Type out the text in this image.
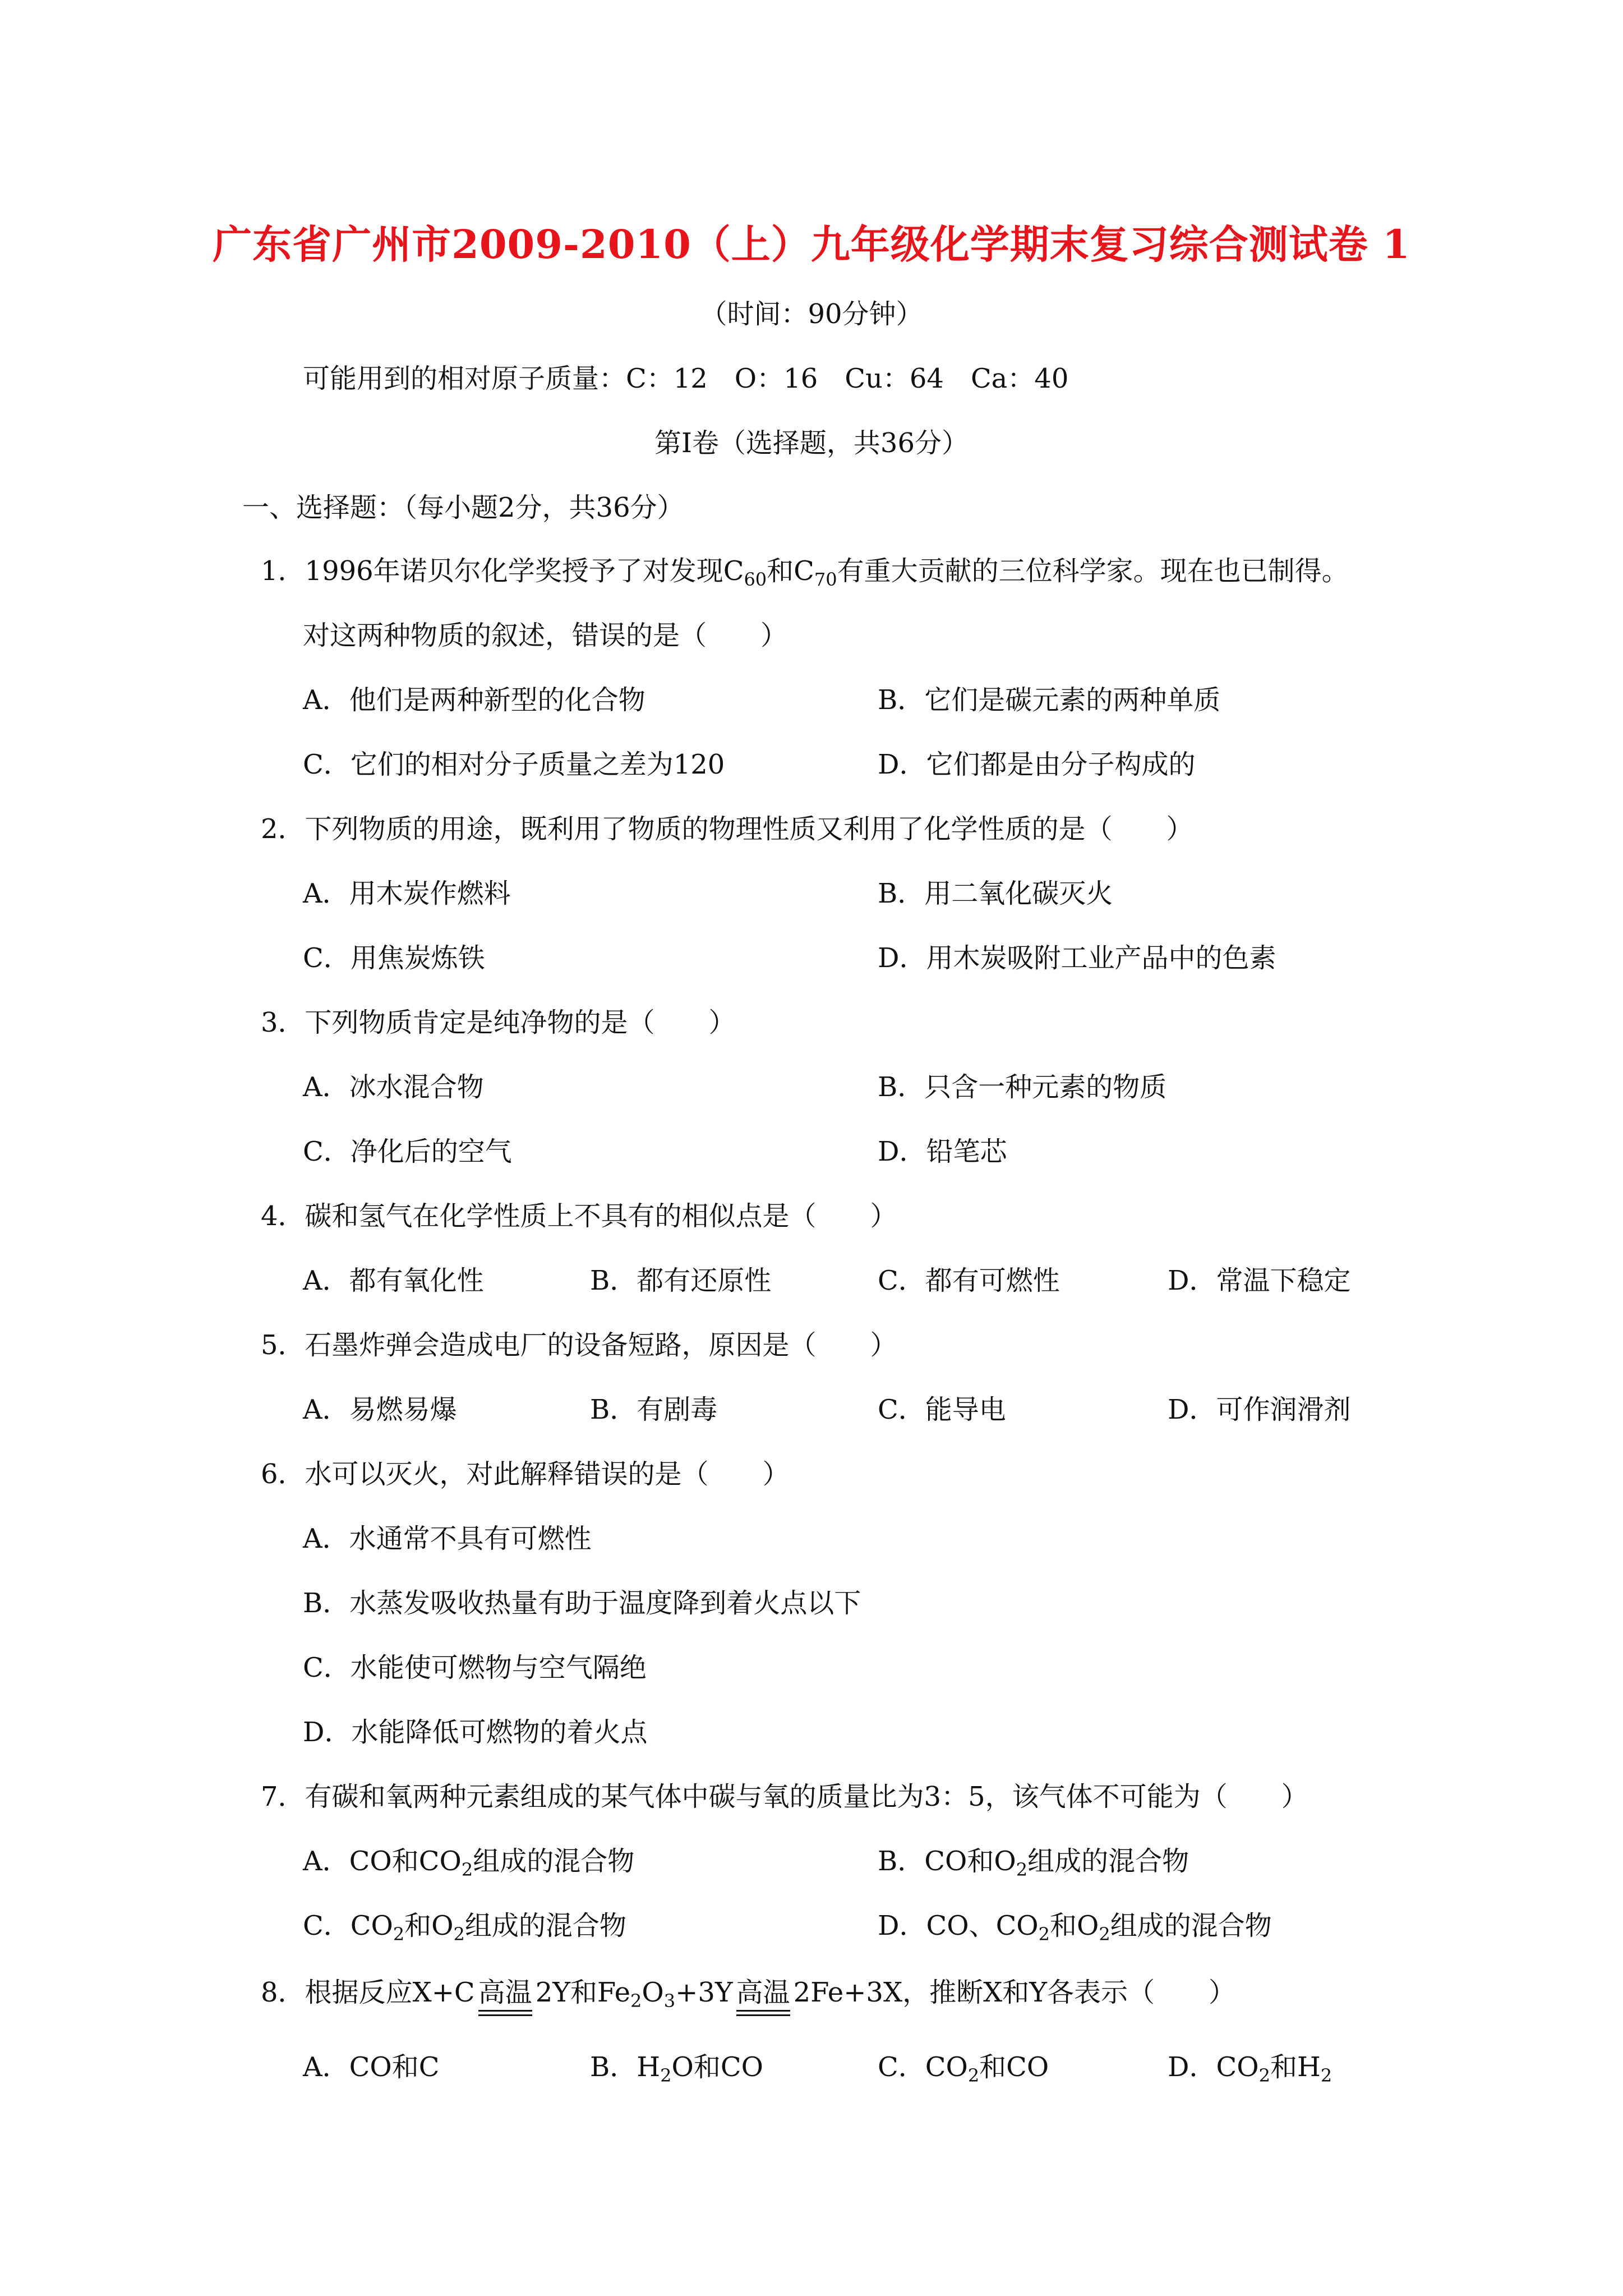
广东省广州市2009-2010（上）九年级化学期末复习综合测试卷 1
（时间：90分钟）
可能用到的相对原子质量：C：12　O：16　Cu：64　Ca：40
第Ⅰ卷（选择题，共36分）
一、选择题：（每小题2分，共36分）
1．1996年诺贝尔化学奖授予了对发现$C_{60}$和$C_{70}$有重大贡献的三位科学家。现在也已制得。
对这两种物质的叙述，错误的是（　　）
A．他们是两种新型的化合物	B．它们是碳元素的两种单质
C．它们的相对分子质量之差为120	D．它们都是由分子构成的
2．下列物质的用途，既利用了物质的物理性质又利用了化学性质的是（　　）
A．用木炭作燃料	B．用二氧化碳灭火
C．用焦炭炼铁	D．用木炭吸附工业产品中的色素
3．下列物质肯定是纯净物的是（　　）
A．冰水混合物	B．只含一种元素的物质
C．净化后的空气	D．铅笔芯
4．碳和氢气在化学性质上不具有的相似点是（　　）
A．都有氧化性	B．都有还原性	C．都有可燃性	D．常温下稳定
5．石墨炸弹会造成电厂的设备短路，原因是（　　）
A．易燃易爆	B．有剧毒	C．能导电	D．可作润滑剂
6．水可以灭火，对此解释错误的是（　　）
A．水通常不具有可燃性
B．水蒸发吸收热量有助于温度降到着火点以下
C．水能使可燃物与空气隔绝
D．水能降低可燃物的着火点
7．有碳和氧两种元素组成的某气体中碳与氧的质量比为3：5，该气体不可能为（　　）
A．CO和$CO_2$组成的混合物	B．CO和$O_2$组成的混合物
C．$CO_2$和$O_2$组成的混合物	D．CO、$CO_2$和$O_2$组成的混合物
8．根据反应X+C 高温 2Y和$Fe_2O_3+3Y$ 高温 2Fe+3X，推断X和Y各表示（　　）
A．CO和C	B．$H_2O$和CO	C．$CO_2$和CO	D．$CO_2$和$H_2$
